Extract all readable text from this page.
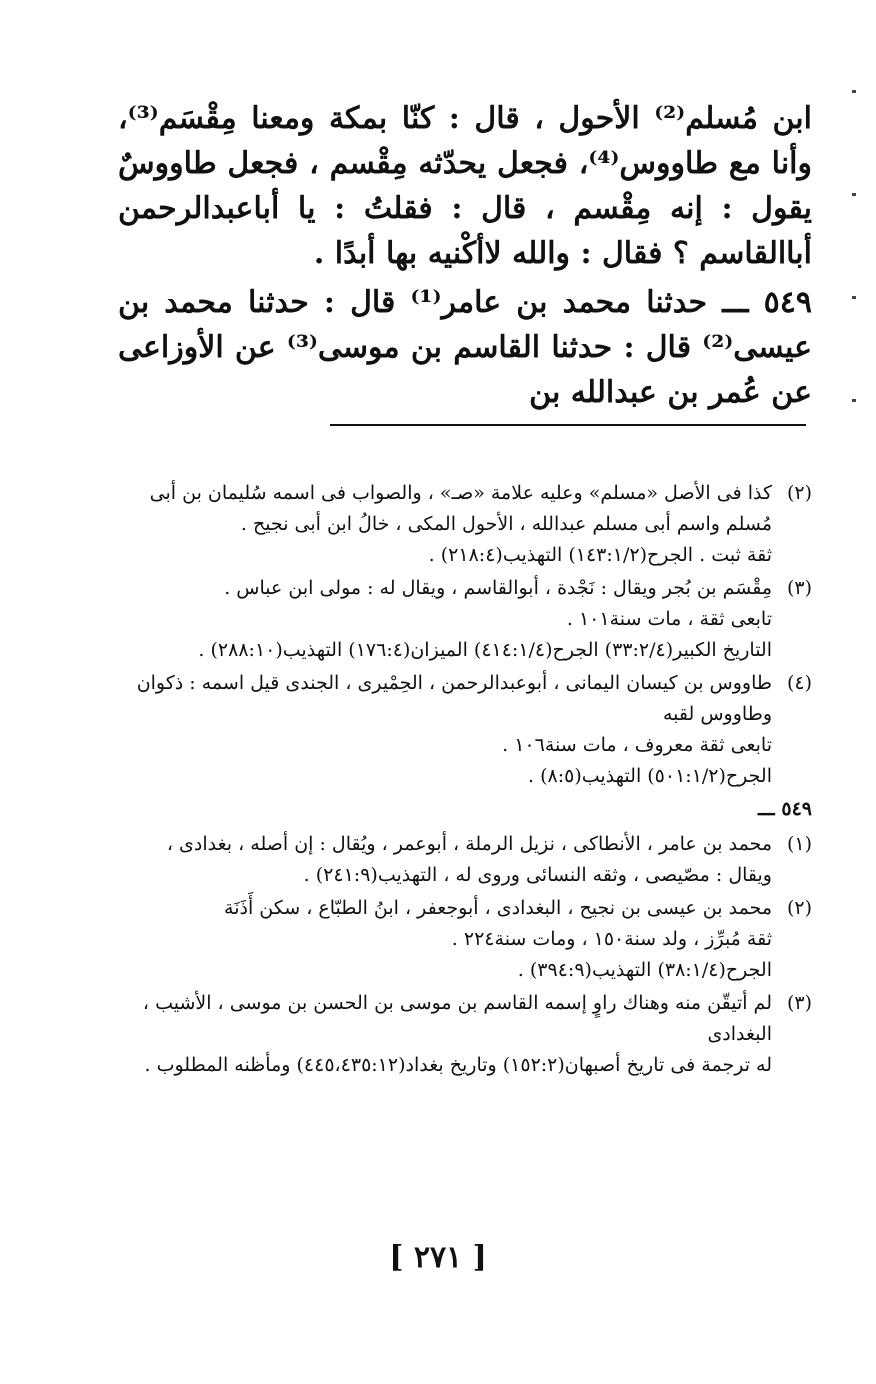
ابن مُسلم⁽²⁾ الأحول ، قال : كنّا بمكة ومعنا مِقْسَم⁽³⁾، وأنا مع طاووس⁽⁴⁾، فجعل يحدّثه مِقْسم ، فجعل طاووسٌ يقول : إنه مِقْسم ، قال : فقلتُ : يا أباعبدالرحمن أباالقاسم ؟ فقال : والله لاأكْنيه بها أبدًا .

٥٤٩ ـــ حدثنا محمد بن عامر⁽¹⁾ قال : حدثنا محمد بن عيسى⁽²⁾ قال : حدثنا القاسم بن موسى⁽³⁾ عن الأوزاعى عن عُمر بن عبدالله بن

(٢)
كذا فى الأصل «مسلم» وعليه علامة «صـ» ، والصواب فى اسمه سُليمان بن أبى مُسلم واسم أبى مسلم عبدالله ، الأحول المكى ، خالُ ابن أبى نجيح .
ثقة ثبت . الجرح(١٤٣:١/٢) التهذيب(٢١٨:٤) .
(٣)
مِقْسَم بن بُجر ويقال : نَجْدة ، أبوالقاسم ، ويقال له : مولى ابن عباس .
تابعى ثقة ، مات سنة١٠١ .
التاريخ الكبير(٣٣:٢/٤) الجرح(٤١٤:١/٤) الميزان(١٧٦:٤) التهذيب(٢٨٨:١٠) .
(٤)
طاووس بن كيسان اليمانى ، أبوعبدالرحمن ، الحِمْيرى ، الجندى قيل اسمه : ذكوان وطاووس لقبه
تابعى ثقة معروف ، مات سنة١٠٦ .
الجرح(٥٠١:١/٢) التهذيب(٨:٥) .
٥٤٩ ـــ
(١)
محمد بن عامر ، الأنطاكى ، نزيل الرملة ، أبوعمر ، ويُقال : إن أصله ، بغدادى ، ويقال : مصّيصى ، وثقه النسائى وروى له ، التهذيب(٢٤١:٩) .
(٢)
محمد بن عيسى بن نجيح ، البغدادى ، أبوجعفر ، ابنُ الطبّاع ، سكن أَذَنَة
ثقة مُبرِّز ، ولد سنة١٥٠ ، ومات سنة٢٢٤ .
الجرح(٣٨:١/٤) التهذيب(٣٩٤:٩) .
(٣)
لم أتيقّن منه وهناك راوٍ إسمه القاسم بن موسى بن الحسن بن موسى ، الأشيب ، البغدادى
له ترجمة فى تاريخ أصبهان(١٥٢:٢) وتاريخ بغداد(٤٤٥،٤٣٥:١٢) ومأظنه المطلوب .
[ ٢٧١ ]
